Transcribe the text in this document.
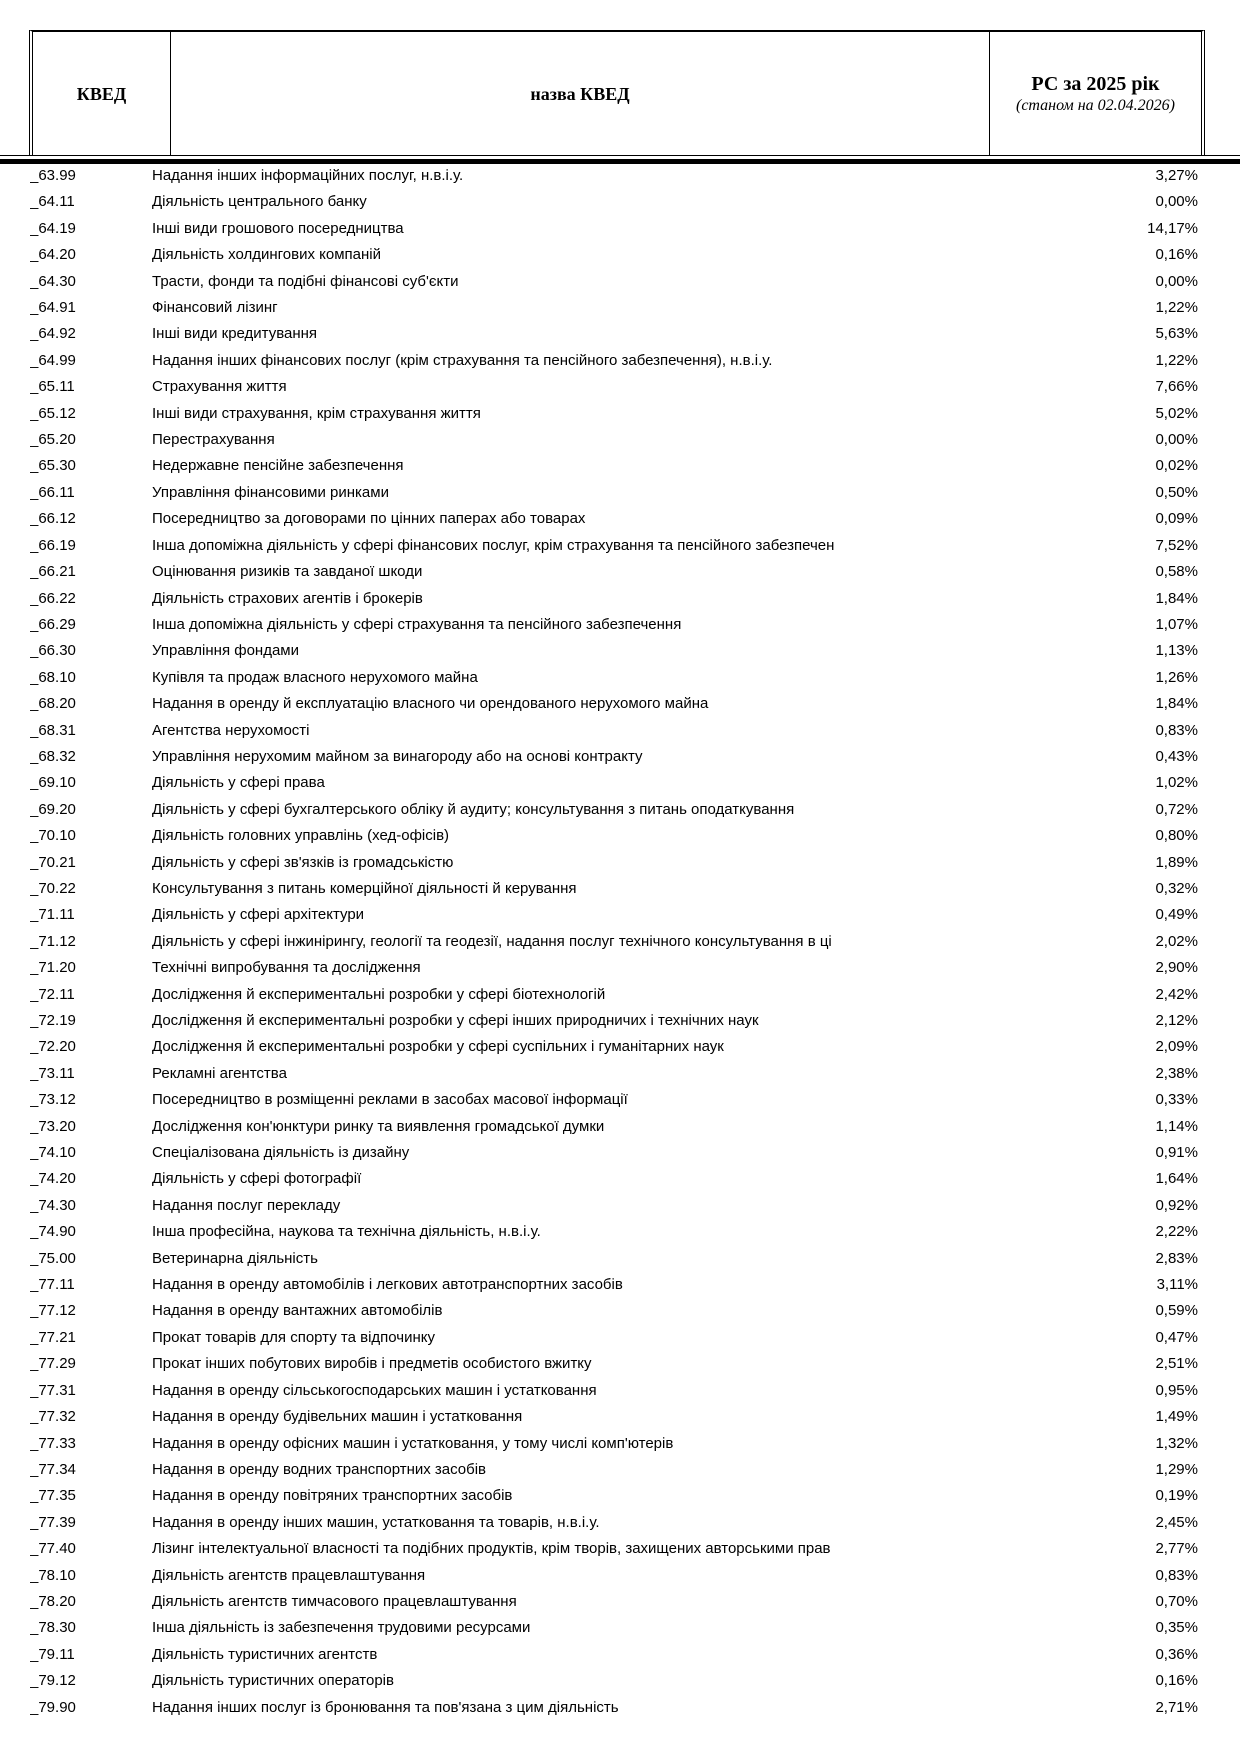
КВЕД	назва КВЕД	РС за 2025 рік
(станом на 02.04.2026)
_63.99	Надання інших інформаційних послуг, н.в.і.у.	3,27%
_64.11	Діяльність центрального банку	0,00%
_64.19	Інші види грошового посередництва	14,17%
_64.20	Діяльність холдингових компаній	0,16%
_64.30	Трасти, фонди та подібні фінансові суб'єкти	0,00%
_64.91	Фінансовий лізинг	1,22%
_64.92	Інші види кредитування	5,63%
_64.99	Надання інших фінансових послуг (крім страхування та пенсійного забезпечення), н.в.і.у.	1,22%
_65.11	Страхування життя	7,66%
_65.12	Інші види страхування, крім страхування життя	5,02%
_65.20	Перестрахування	0,00%
_65.30	Недержавне пенсійне забезпечення	0,02%
_66.11	Управління фінансовими ринками	0,50%
_66.12	Посередництво за договорами по цінних паперах або товарах	0,09%
_66.19	Інша допоміжна діяльність у сфері фінансових послуг, крім страхування та пенсійного забезпечен	7,52%
_66.21	Оцінювання ризиків та завданої шкоди	0,58%
_66.22	Діяльність страхових агентів і брокерів	1,84%
_66.29	Інша допоміжна діяльність у сфері страхування та пенсійного забезпечення	1,07%
_66.30	Управління фондами	1,13%
_68.10	Купівля та продаж власного нерухомого майна	1,26%
_68.20	Надання в оренду й експлуатацію власного чи орендованого нерухомого майна	1,84%
_68.31	Агентства нерухомості	0,83%
_68.32	Управління нерухомим майном за винагороду або на основі контракту	0,43%
_69.10	Діяльність у сфері права	1,02%
_69.20	Діяльність у сфері бухгалтерського обліку й аудиту; консультування з питань оподаткування	0,72%
_70.10	Діяльність головних управлінь (хед-офісів)	0,80%
_70.21	Діяльність у сфері зв'язків із громадськістю	1,89%
_70.22	Консультування з питань комерційної діяльності й керування	0,32%
_71.11	Діяльність у сфері архітектури	0,49%
_71.12	Діяльність у сфері інжинірингу, геології та геодезії, надання послуг технічного консультування в ці	2,02%
_71.20	Технічні випробування та дослідження	2,90%
_72.11	Дослідження й експериментальні розробки у сфері біотехнологій	2,42%
_72.19	Дослідження й експериментальні розробки у сфері інших природничих і технічних наук	2,12%
_72.20	Дослідження й експериментальні розробки у сфері суспільних і гуманітарних наук	2,09%
_73.11	Рекламні агентства	2,38%
_73.12	Посередництво в розміщенні реклами в засобах масової інформації	0,33%
_73.20	Дослідження кон'юнктури ринку та виявлення громадської думки	1,14%
_74.10	Спеціалізована діяльність із дизайну	0,91%
_74.20	Діяльність у сфері фотографії	1,64%
_74.30	Надання послуг перекладу	0,92%
_74.90	Інша професійна, наукова та технічна діяльність, н.в.і.у.	2,22%
_75.00	Ветеринарна діяльність	2,83%
_77.11	Надання в оренду автомобілів і легкових автотранспортних засобів	3,11%
_77.12	Надання в оренду вантажних автомобілів	0,59%
_77.21	Прокат товарів для спорту та відпочинку	0,47%
_77.29	Прокат інших побутових виробів і предметів особистого вжитку	2,51%
_77.31	Надання в оренду сільськогосподарських машин і устатковання	0,95%
_77.32	Надання в оренду будівельних машин і устатковання	1,49%
_77.33	Надання в оренду офісних машин і устатковання, у тому числі комп'ютерів	1,32%
_77.34	Надання в оренду водних транспортних засобів	1,29%
_77.35	Надання в оренду повітряних транспортних засобів	0,19%
_77.39	Надання в оренду інших машин, устатковання та товарів, н.в.і.у.	2,45%
_77.40	Лізинг інтелектуальної власності та подібних продуктів, крім творів, захищених авторськими прав	2,77%
_78.10	Діяльність агентств працевлаштування	0,83%
_78.20	Діяльність агентств тимчасового працевлаштування	0,70%
_78.30	Інша діяльність із забезпечення трудовими ресурсами	0,35%
_79.11	Діяльність туристичних агентств	0,36%
_79.12	Діяльність туристичних операторів	0,16%
_79.90	Надання інших послуг із бронювання та пов'язана з цим діяльність	2,71%
